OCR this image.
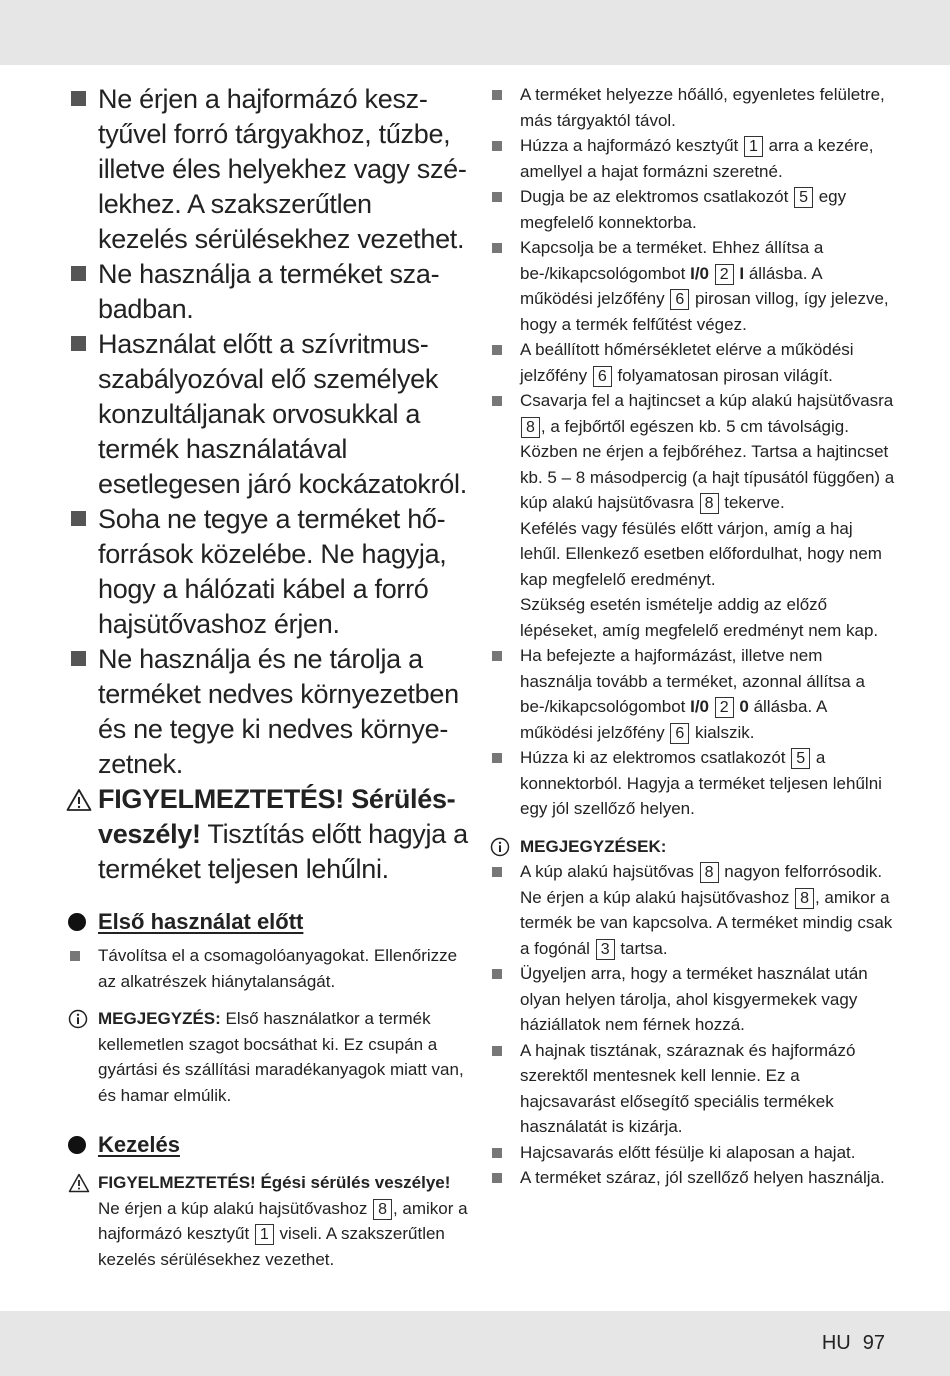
Ne érjen a hajformázó kesztyűvel forró tárgyakhoz, tűzbe, illetve éles helyekhez vagy szélekhez. A szakszerűtlen kezelés sérülésekhez vezethet.
Ne használja a terméket szabadban.
Használat előtt a szívritmus-szabályozóval elő személyek konzultáljanak orvosukkal a termék használatával esetlegesen járó kockázatokról.
Soha ne tegye a terméket hőforrások közelébe. Ne hagyja, hogy a hálózati kábel a forró hajsütővashoz érjen.
Ne használja és ne tárolja a terméket nedves környezetben és ne tegye ki nedves környezetnek.
FIGYELMEZTETÉS! Sérülésveszély! Tisztítás előtt hagyja a terméket teljesen lehűlni.
Első használat előtt
Távolítsa el a csomagolóanyagokat. Ellenőrizze az alkatrészek hiánytalanságát.
MEGJEGYZÉS: Első használatkor a termék kellemetlen szagot bocsáthat ki. Ez csupán a gyártási és szállítási maradékanyagok miatt van, és hamar elmúlik.
Kezelés
FIGYELMEZTETÉS! Égési sérülés veszélye! Ne érjen a kúp alakú hajsütővashoz 8 , amikor a hajformázó kesztyűt 1 viseli. A szakszerűtlen kezelés sérülésekhez vezethet.
A terméket helyezze hőálló, egyenletes felületre, más tárgyaktól távol.
Húzza a hajformázó kesztyűt 1 arra a kezére, amellyel a hajat formázni szeretné.
Dugja be az elektromos csatlakozót 5 egy megfelelő konnektorba.
Kapcsolja be a terméket. Ehhez állítsa a be-/kikapcsológombot I/0 2 I állásba. A működési jelzőfény 6 pirosan villog, így jelezve, hogy a termék felfűtést végez.
A beállított hőmérsékletet elérve a működési jelzőfény 6 folyamatosan pirosan világít.
Csavarja fel a hajtincset a kúp alakú hajsütővasra 8 , a fejbőrtől egészen kb. 5 cm távolságig. Közben ne érjen a fejbőréhez. Tartsa a hajtincset kb. 5 – 8 másodpercig (a hajt típusától függően) a kúp alakú hajsütővasra 8 tekerve.
Kefélés vagy fésülés előtt várjon, amíg a haj lehűl. Ellenkező esetben előfordulhat, hogy nem kap megfelelő eredményt.
Szükség esetén ismételje addig az előző lépéseket, amíg megfelelő eredményt nem kap.
Ha befejezte a hajformázást, illetve nem használja tovább a terméket, azonnal állítsa a be-/kikapcsológombot I/0 2 0 állásba. A működési jelzőfény 6 kialszik.
Húzza ki az elektromos csatlakozót 5 a konnektorból. Hagyja a terméket teljesen lehűlni egy jól szellőző helyen.
MEGJEGYZÉSEK:
A kúp alakú hajsütővas 8 nagyon felforrósodik. Ne érjen a kúp alakú hajsütővashoz 8 , amikor a termék be van kapcsolva. A terméket mindig csak a fogónál 3 tartsa.
Ügyeljen arra, hogy a terméket használat után olyan helyen tárolja, ahol kisgyermekek vagy háziállatok nem férnek hozzá.
A hajnak tisztának, száraznak és hajformázó szerektől mentesnek kell lennie. Ez a hajcsavarást elősegítő speciális termékek használatát is kizárja.
Hajcsavarás előtt fésülje ki alaposan a hajat.
A terméket száraz, jól szellőző helyen használja.
HU 97
